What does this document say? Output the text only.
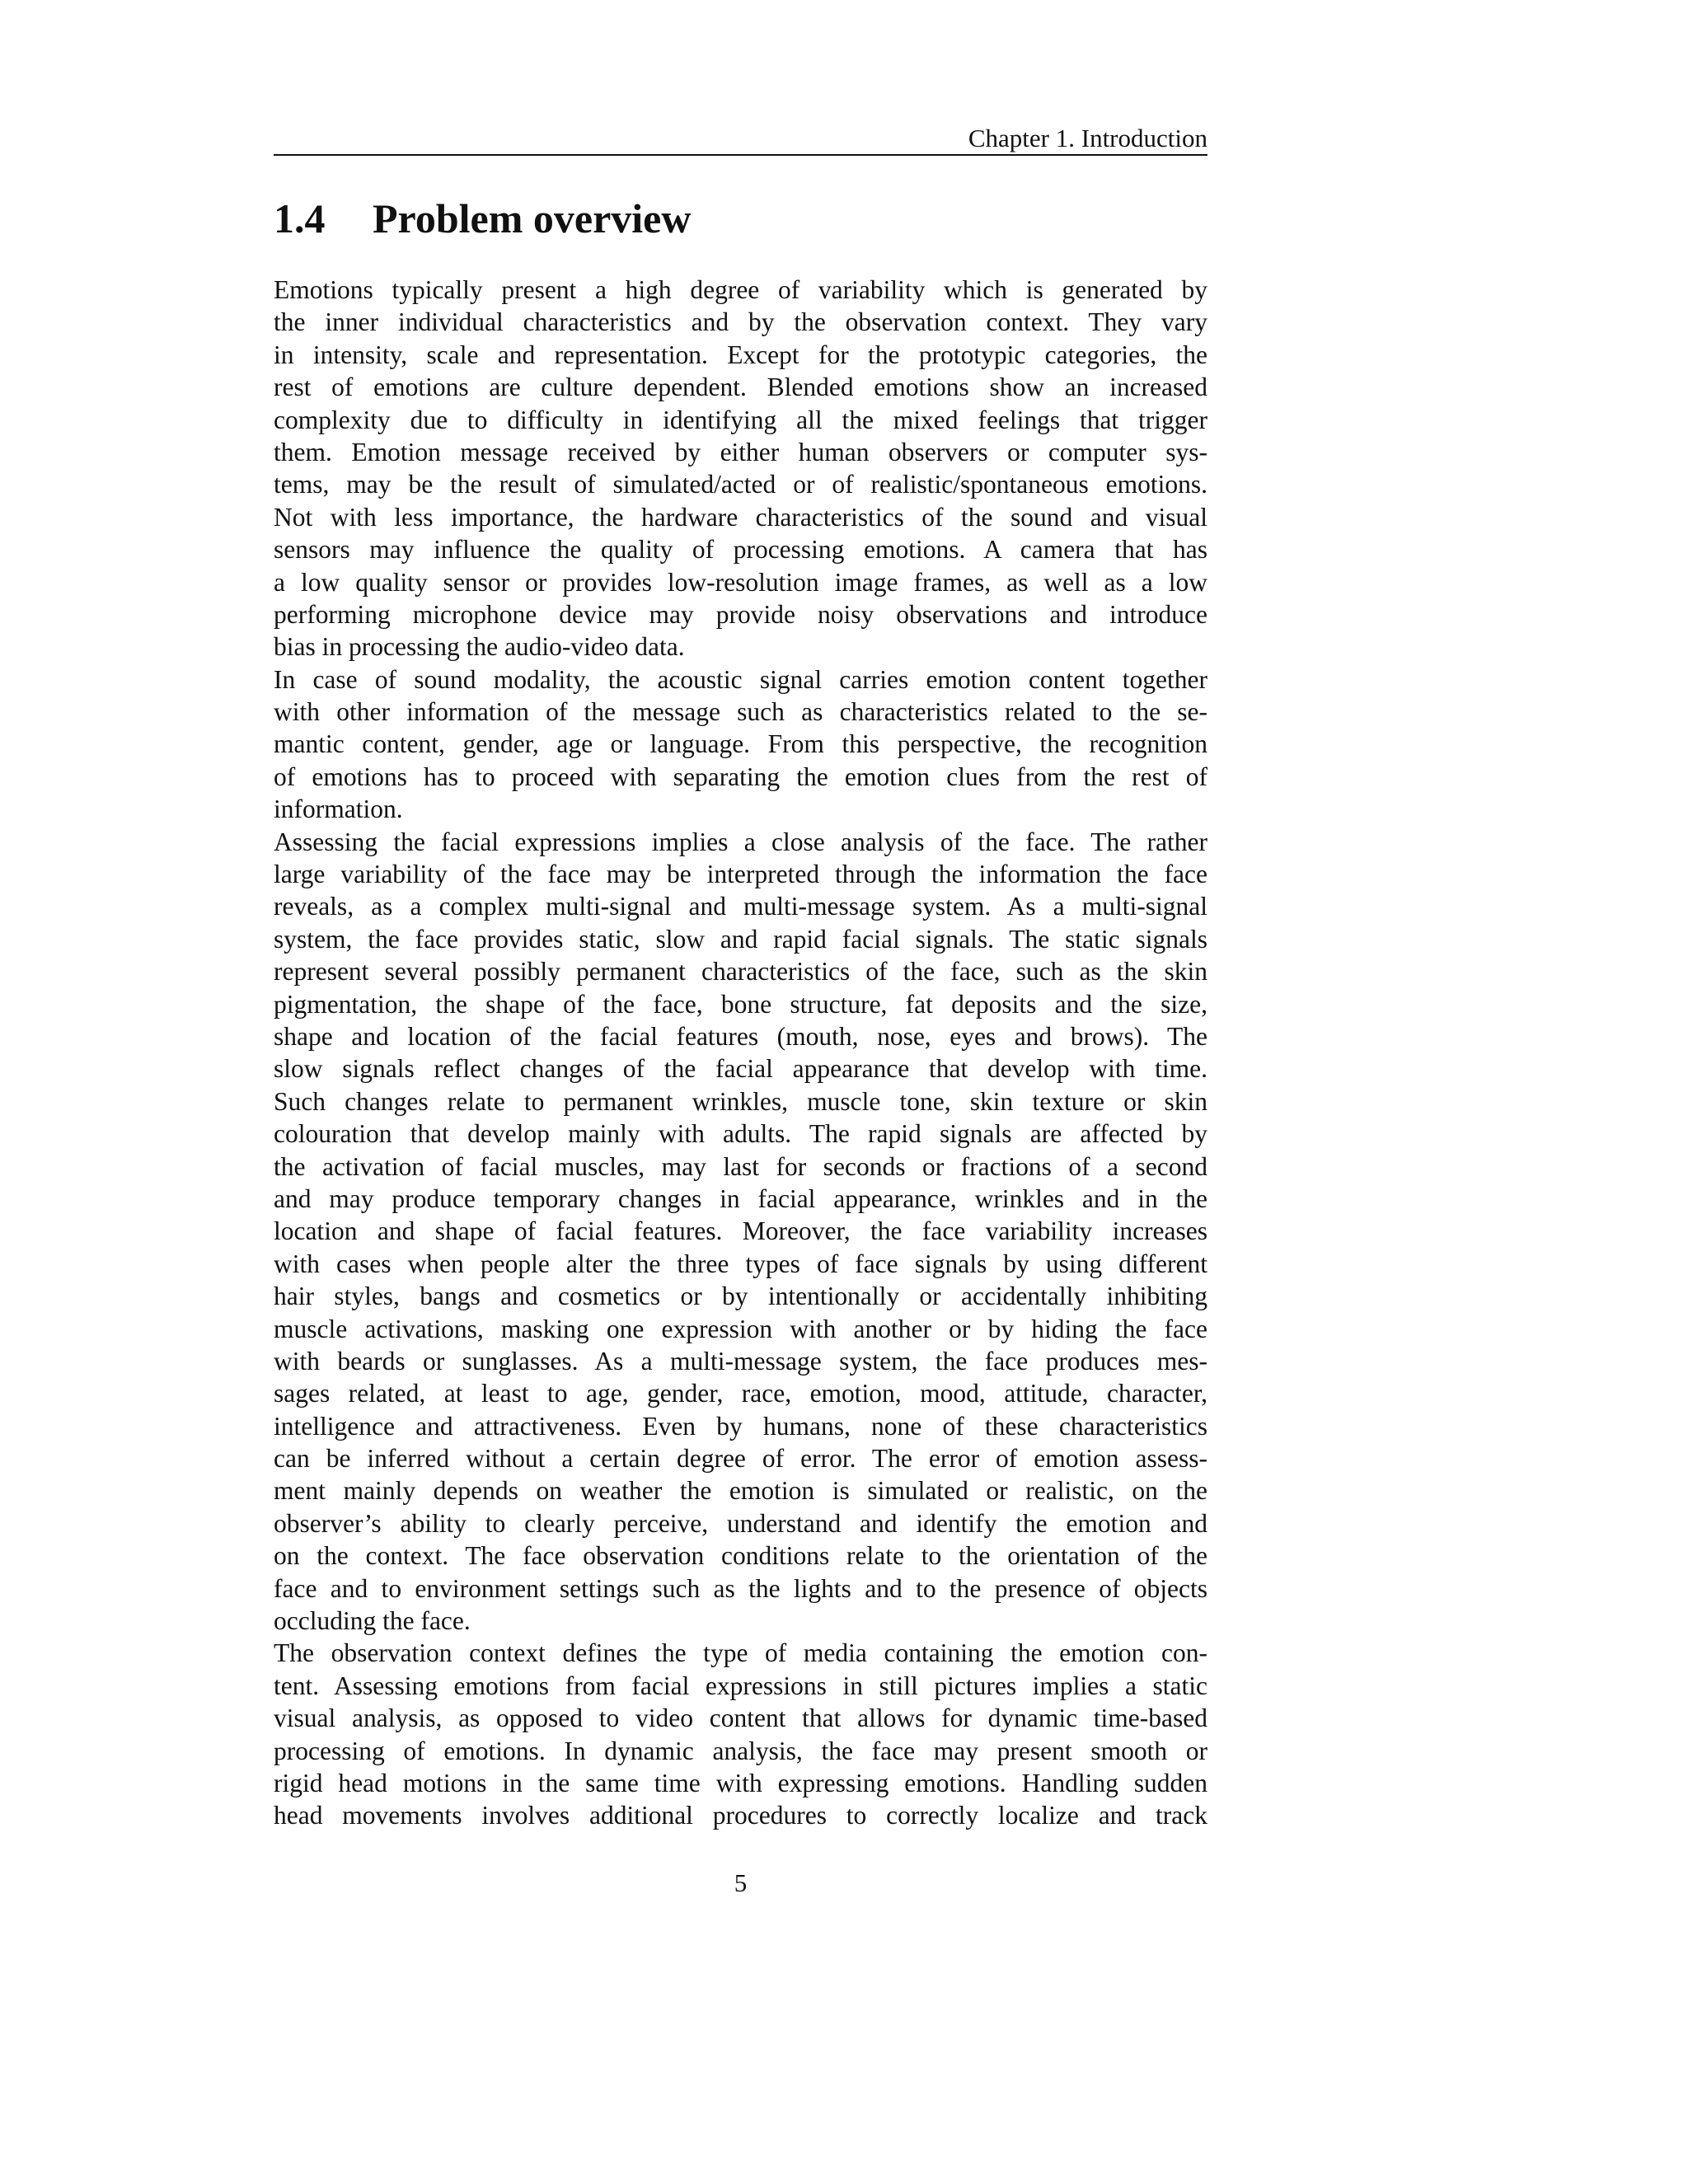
Chapter 1. Introduction
1.4 Problem overview
Emotions typically present a high degree of variability which is generated by
the inner individual characteristics and by the observation context. They vary
in intensity, scale and representation. Except for the prototypic categories, the
rest of emotions are culture dependent. Blended emotions show an increased
complexity due to difficulty in identifying all the mixed feelings that trigger
them. Emotion message received by either human observers or computer sys-
tems, may be the result of simulated/acted or of realistic/spontaneous emotions.
Not with less importance, the hardware characteristics of the sound and visual
sensors may influence the quality of processing emotions. A camera that has
a low quality sensor or provides low-resolution image frames, as well as a low
performing microphone device may provide noisy observations and introduce
bias in processing the audio-video data.
In case of sound modality, the acoustic signal carries emotion content together
with other information of the message such as characteristics related to the se-
mantic content, gender, age or language. From this perspective, the recognition
of emotions has to proceed with separating the emotion clues from the rest of
information.
Assessing the facial expressions implies a close analysis of the face. The rather
large variability of the face may be interpreted through the information the face
reveals, as a complex multi-signal and multi-message system. As a multi-signal
system, the face provides static, slow and rapid facial signals. The static signals
represent several possibly permanent characteristics of the face, such as the skin
pigmentation, the shape of the face, bone structure, fat deposits and the size,
shape and location of the facial features (mouth, nose, eyes and brows). The
slow signals reflect changes of the facial appearance that develop with time.
Such changes relate to permanent wrinkles, muscle tone, skin texture or skin
colouration that develop mainly with adults. The rapid signals are affected by
the activation of facial muscles, may last for seconds or fractions of a second
and may produce temporary changes in facial appearance, wrinkles and in the
location and shape of facial features. Moreover, the face variability increases
with cases when people alter the three types of face signals by using different
hair styles, bangs and cosmetics or by intentionally or accidentally inhibiting
muscle activations, masking one expression with another or by hiding the face
with beards or sunglasses. As a multi-message system, the face produces mes-
sages related, at least to age, gender, race, emotion, mood, attitude, character,
intelligence and attractiveness. Even by humans, none of these characteristics
can be inferred without a certain degree of error. The error of emotion assess-
ment mainly depends on weather the emotion is simulated or realistic, on the
observer’s ability to clearly perceive, understand and identify the emotion and
on the context. The face observation conditions relate to the orientation of the
face and to environment settings such as the lights and to the presence of objects
occluding the face.
The observation context defines the type of media containing the emotion con-
tent. Assessing emotions from facial expressions in still pictures implies a static
visual analysis, as opposed to video content that allows for dynamic time-based
processing of emotions. In dynamic analysis, the face may present smooth or
rigid head motions in the same time with expressing emotions. Handling sudden
head movements involves additional procedures to correctly localize and track
5
